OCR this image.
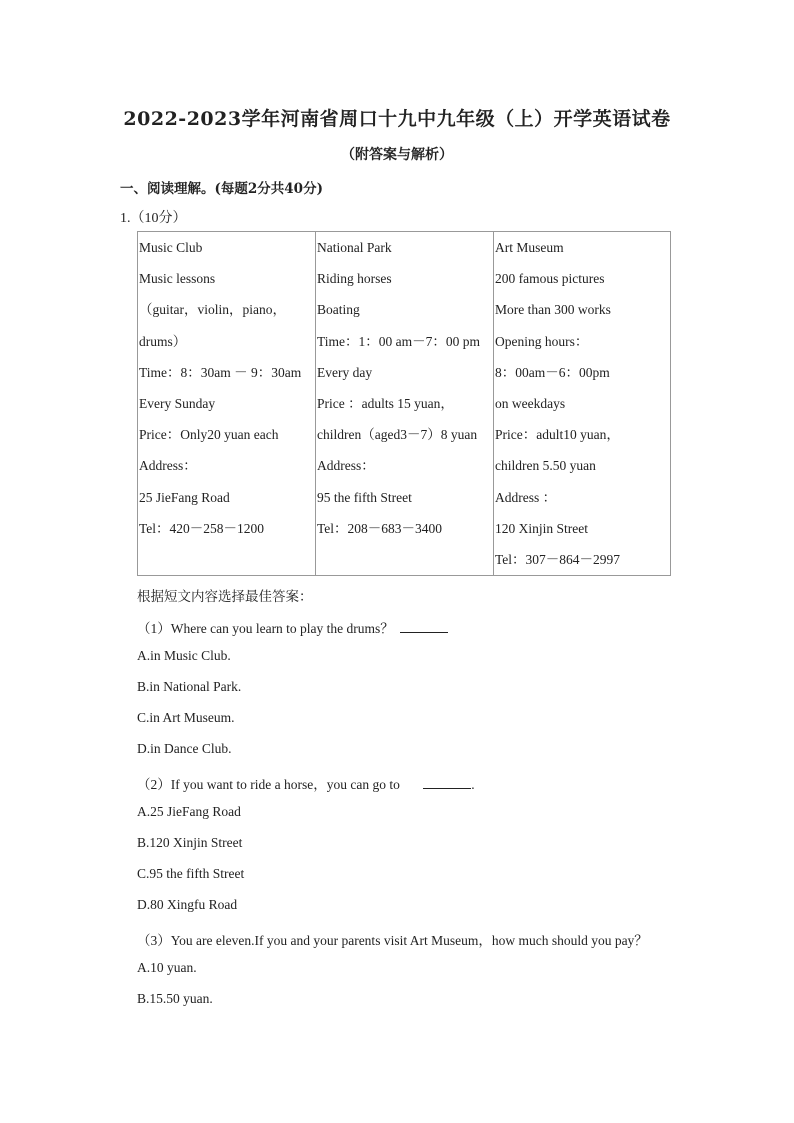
2022-2023学年河南省周口十九中九年级（上）开学英语试卷
（附答案与解析）
一、阅读理解。(每题2分共40分)
1.（10分）
Music Club
Music lessons
（guitar，violin，piano，
drums）
Time：8：30am － 9：30am
Every Sunday
Price：Only20 yuan each
Address：
25 JieFang Road
Tel：420－258－1200

National Park
Riding horses
Boating
Time：1：00 am－7：00 pm
Every day
Price ：adults 15 yuan，
children（aged3－7）8 yuan
Address：
95 the fifth Street
Tel：208－683－3400

Art Museum
200 famous pictures
More than 300 works
Opening hours：
8：00am－6：00pm
on weekdays
Price：adult10 yuan，
children 5.50 yuan
Address ：
120 Xinjin Street
Tel：307－864－2997
根据短文内容选择最佳答案：
（1）Where can you learn to play the drums？
A.in Music Club.
B.in National Park.
C.in Art Museum.
D.in Dance Club.
（2）If you want to ride a horse，you can go to	.
A.25 JieFang Road
B.120 Xinjin Street
C.95 the fifth Street
D.80 Xingfu Road
（3）You are eleven.If you and your parents visit Art Museum，how much should you pay？
A.10 yuan.
B.15.50 yuan.
